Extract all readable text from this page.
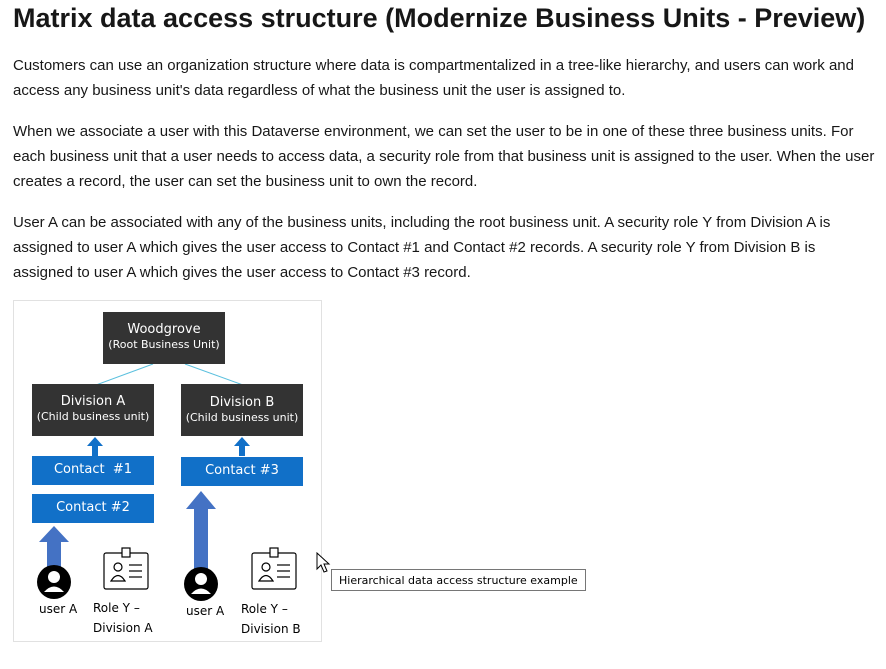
Matrix data access structure (Modernize Business Units - Preview)

Customers can use an organization structure where data is compartmentalized in a tree-like hierarchy, and users can work and access any business unit's data regardless of what the business unit the user is assigned to.

When we associate a user with this Dataverse environment, we can set the user to be in one of these three business units. For each business unit that a user needs to access data, a security role from that business unit is assigned to the user. When the user creates a record, the user can set the business unit to own the record.

User A can be associated with any of the business units, including the root business unit. A security role Y from Division A is assigned to user A which gives the user access to Contact #1 and Contact #2 records. A security role Y from Division B is assigned to user A which gives the user access to Contact #3 record.

Woodgrove
(Root Business Unit)
Division A
(Child business unit)
Division B
(Child business unit)
Contact  #1
Contact #2
Contact #3
user A Role Y –
Division A
user A Role Y –
Division B
Hierarchical data access structure example
